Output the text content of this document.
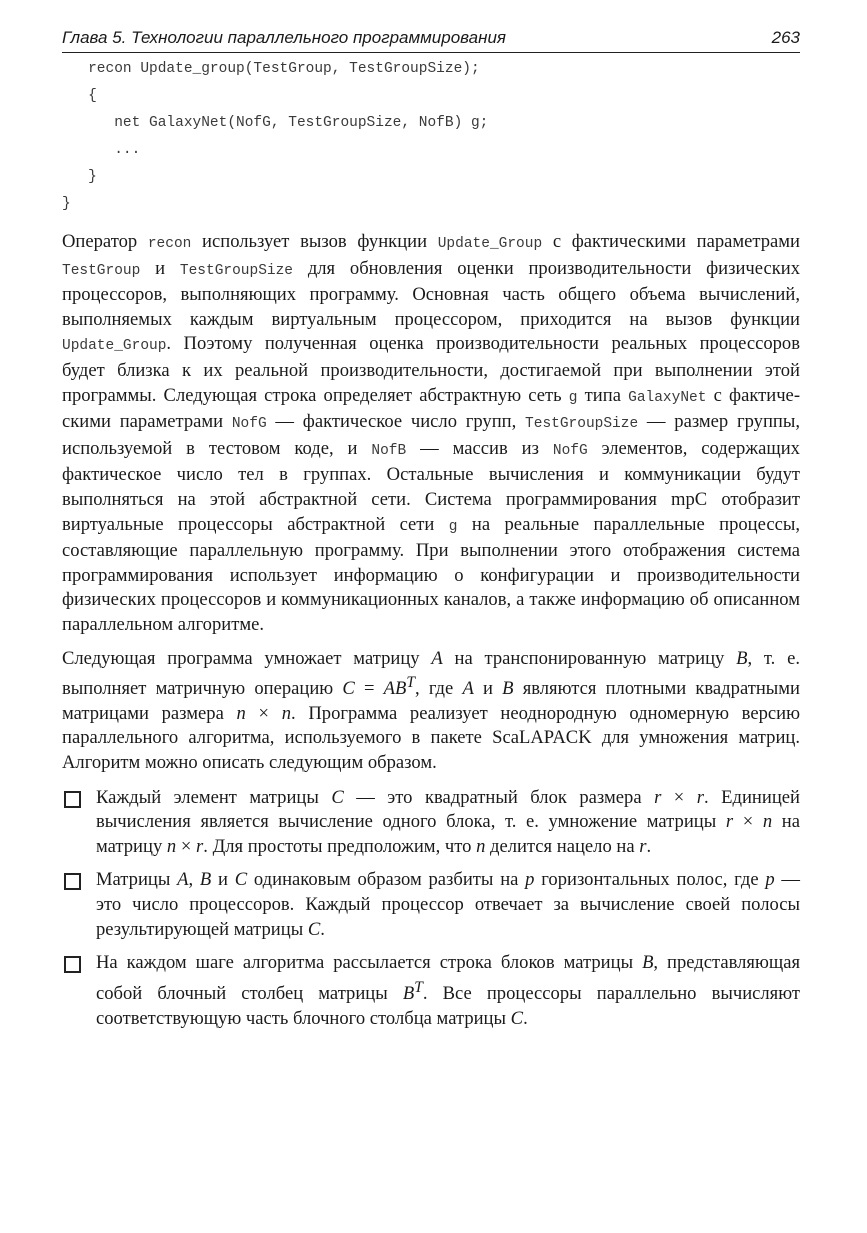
Глава 5. Технологии параллельного программирования	263
recon Update_group(TestGroup, TestGroupSize);
{
net GalaxyNet(NofG, TestGroupSize, NofB) g;
...
}
}

Оператор recon использует вызов функции Update_Group с фактическими параметрами TestGroup и TestGroupSize для обновления оценки производительности физических процессоров, выполняющих программу. Основная часть общего объема вычислений, выполняемых каждым виртуальным процессором, приходится на вызов функции Update_Group. Поэтому полученная оценка производительности реальных процессоров будет близка к их реальной производительности, достигаемой при выполнении этой программы. Следующая строка определяет абстрактную сеть g типа GalaxyNet с фактическими параметрами NofG — фактическое число групп, TestGroupSize — размер группы, используемой в тестовом коде, и NofB — массив из NofG элементов, содержащих фактическое число тел в группах. Остальные вычисления и коммуникации будут выполняться на этой абстрактной сети. Система программирования mpC отобразит виртуальные процессоры абстрактной сети g на реальные параллельные процессы, составляющие параллельную программу. При выполнении этого отображения система программирования использует информацию о конфигурации и производительности физических процессоров и коммуникационных каналов, а также информацию об описанном параллельном алгоритме.

Следующая программа умножает матрицу A на транспонированную матрицу B, т. е. выполняет матричную операцию $C = AB^T$, где A и B являются плотными квадратными матрицами размера n × n. Программа реализует неоднородную одномерную версию параллельного алгоритма, используемого в пакете ScaLAPACK для умножения матриц. Алгоритм можно описать следующим образом.

Каждый элемент матрицы C — это квадратный блок размера r × r. Единицей вычисления является вычисление одного блока, т. е. умножение матрицы r × n на матрицу n × r. Для простоты предположим, что n делится нацело на r.

Матрицы A, B и C одинаковым образом разбиты на p горизонтальных полос, где p — это число процессоров. Каждый процессор отвечает за вычисление своей полосы результирующей матрицы C.

На каждом шаге алгоритма рассылается строка блоков матрицы B, представляющая собой блочный столбец матрицы $B^T$. Все процессоры параллельно вычисляют соответствующую часть блочного столбца матрицы C.
